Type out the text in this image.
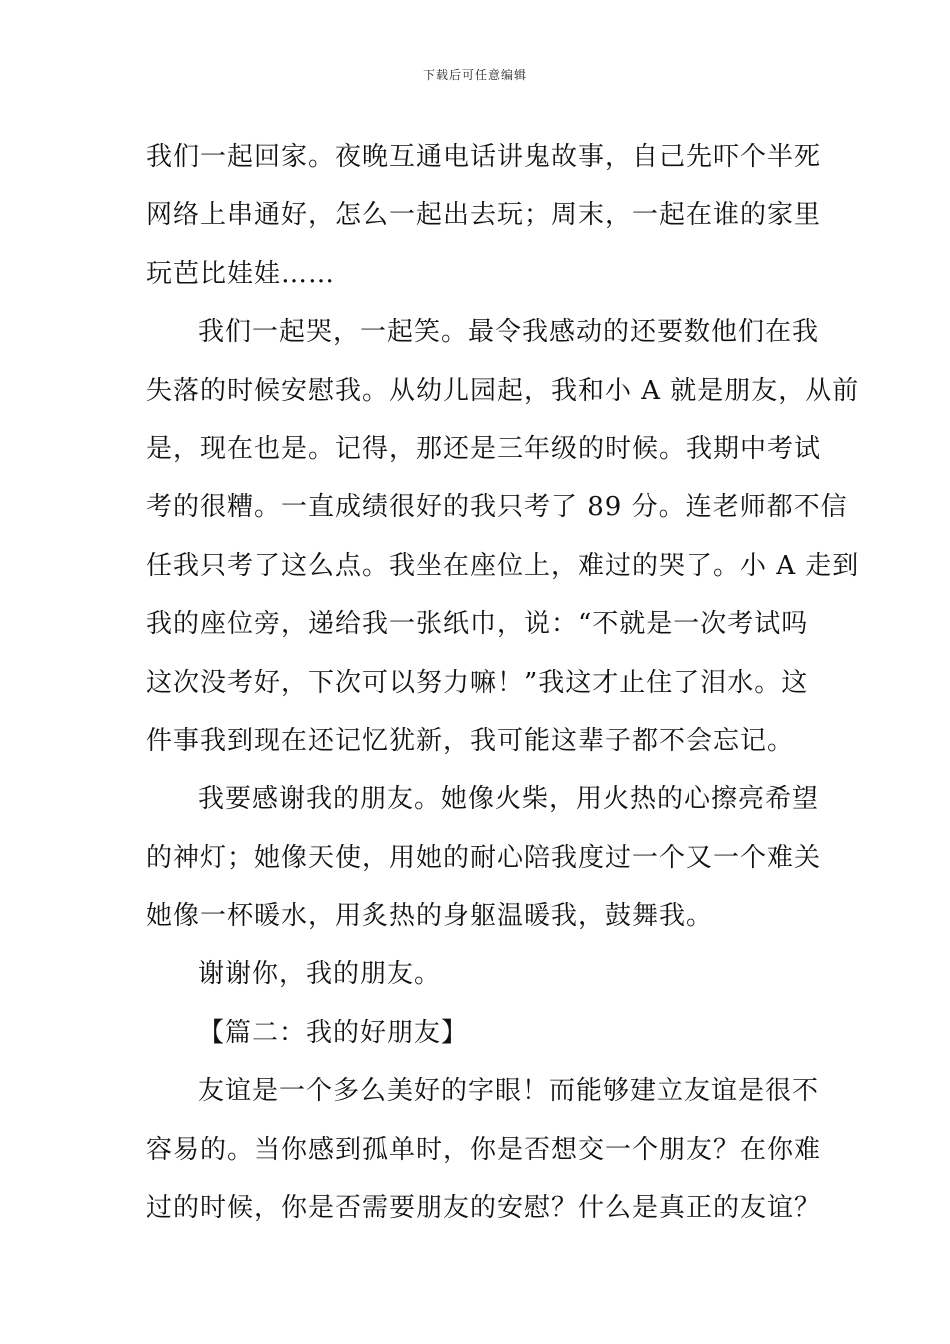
下载后可任意编辑
我们一起回家。夜晚互通电话讲鬼故事，自己先吓个半死
网络上串通好，怎么一起出去玩；周末，一起在谁的家里
玩芭比娃娃……
我们一起哭，一起笑。最令我感动的还要数他们在我
失落的时候安慰我。从幼儿园起，我和小 A 就是朋友，从前
是，现在也是。记得，那还是三年级的时候。我期中考试
考的很糟。一直成绩很好的我只考了 89 分。连老师都不信
任我只考了这么点。我坐在座位上，难过的哭了。小 A 走到
我的座位旁，递给我一张纸巾，说：“不就是一次考试吗
这次没考好，下次可以努力嘛！”我这才止住了泪水。这
件事我到现在还记忆犹新，我可能这辈子都不会忘记。
我要感谢我的朋友。她像火柴，用火热的心擦亮希望
的神灯；她像天使，用她的耐心陪我度过一个又一个难关
她像一杯暖水，用炙热的身躯温暖我，鼓舞我。
谢谢你，我的朋友。
【篇二：我的好朋友】
友谊是一个多么美好的字眼！而能够建立友谊是很不
容易的。当你感到孤单时，你是否想交一个朋友？在你难
过的时候，你是否需要朋友的安慰？什么是真正的友谊？
